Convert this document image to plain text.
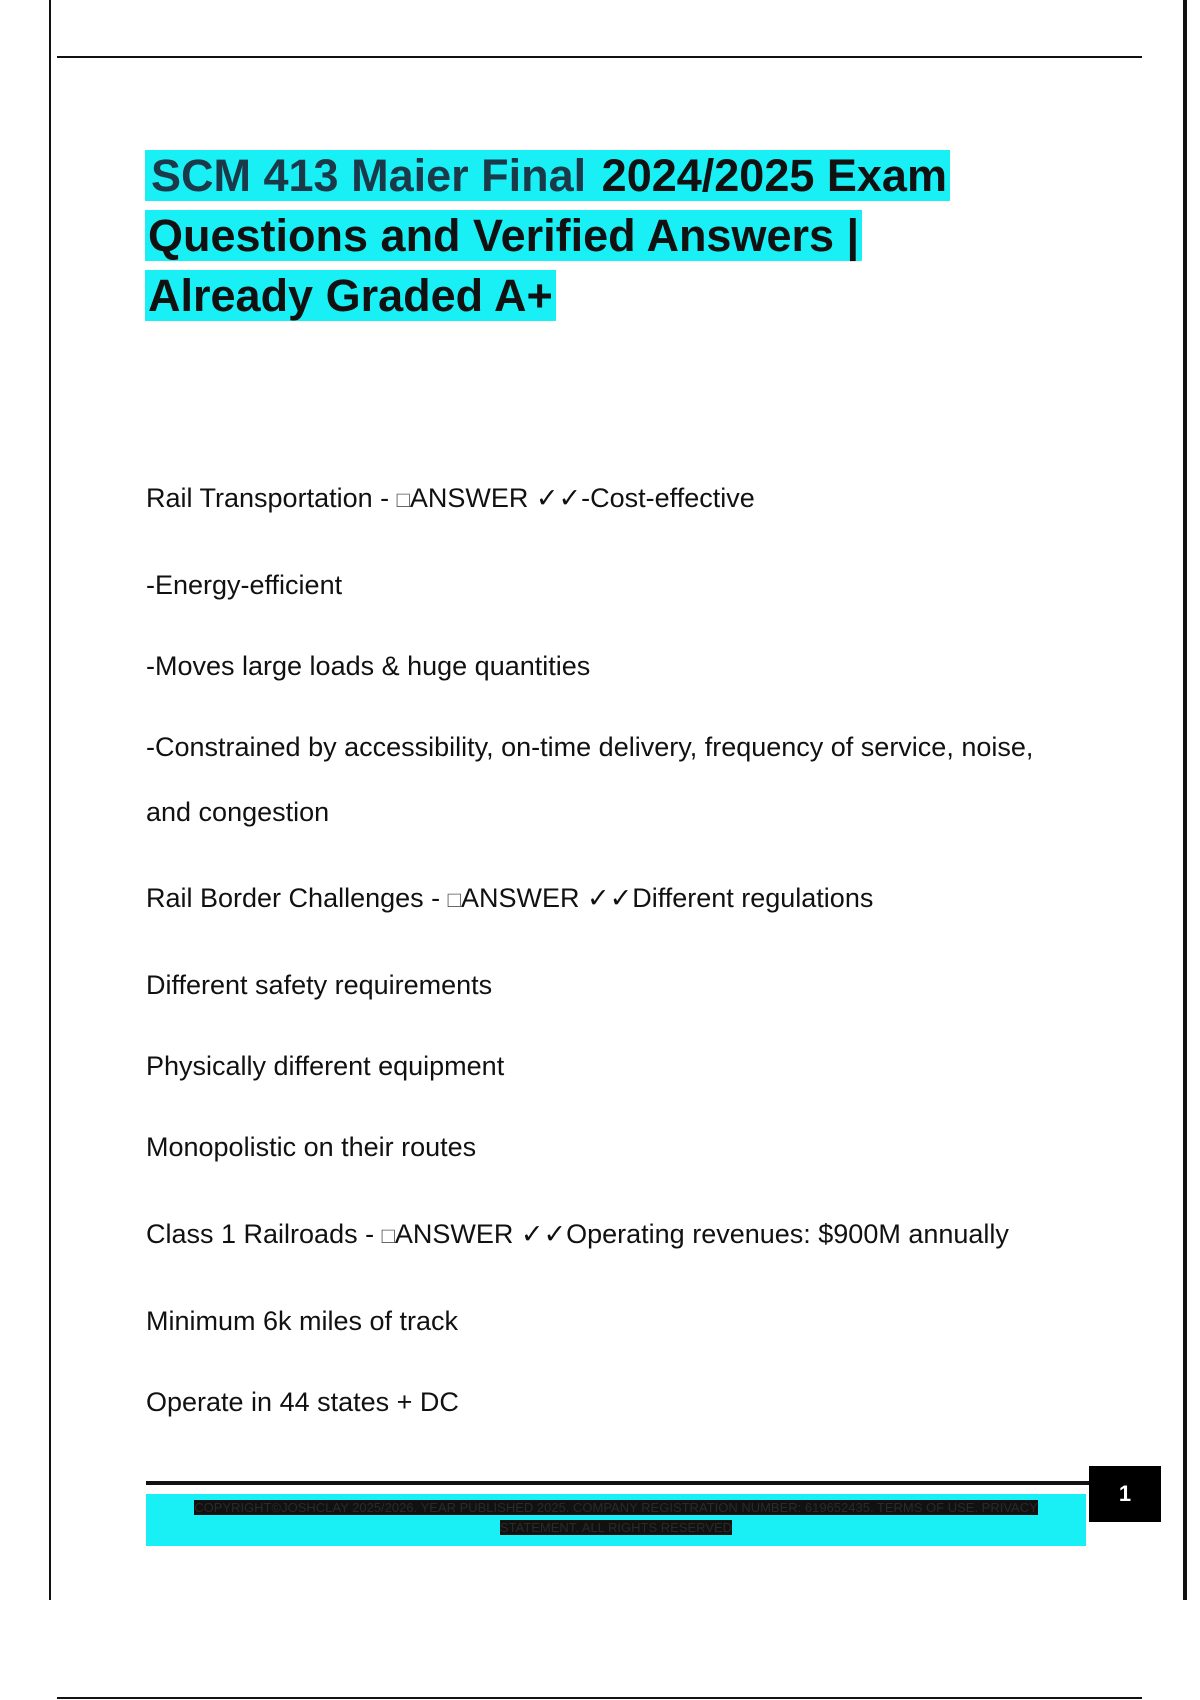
SCM 413 Maier Final 2024/2025 Exam
Questions and Verified Answers |
Already Graded A+
Rail Transportation - □ANSWER ✓✓-Cost-effective
-Energy-efficient
-Moves large loads & huge quantities
-Constrained by accessibility, on-time delivery, frequency of service, noise,
and congestion
Rail Border Challenges - □ANSWER ✓✓Different regulations
Different safety requirements
Physically different equipment
Monopolistic on their routes
Class 1 Railroads - □ANSWER ✓✓Operating revenues: $900M annually
Minimum 6k miles of track
Operate in 44 states + DC
COPYRIGHT©JOSHCLAY 2025/2026. YEAR PUBLISHED 2025. COMPANY REGISTRATION NUMBER: 619652435. TERMS OF USE. PRIVACY
STATEMENT. ALL RIGHTS RESERVED
1
